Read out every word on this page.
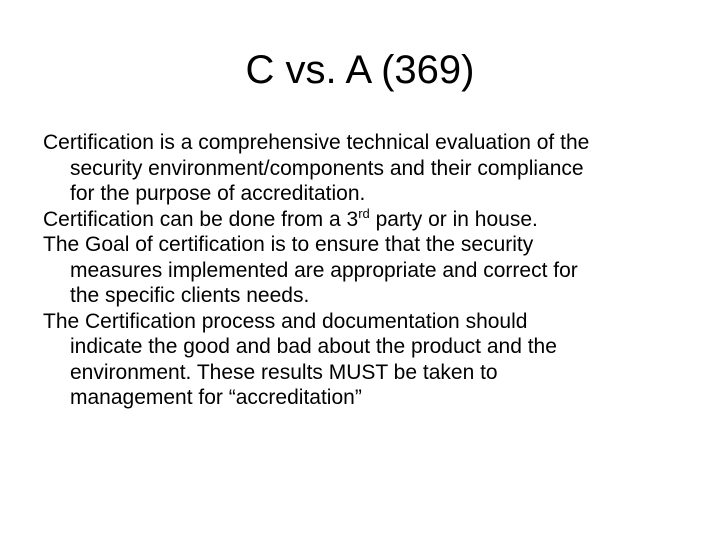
C vs. A (369)
Certification is a comprehensive technical evaluation of the
security environment/components and their compliance
for the purpose of accreditation.
Certification can be done from a 3rd party or in house.
The Goal of certification is to ensure that the security
measures implemented are appropriate and correct for
the specific clients needs.
The Certification process and documentation should
indicate the good and bad about the product and the
environment. These results MUST be taken to
management for “accreditation”
